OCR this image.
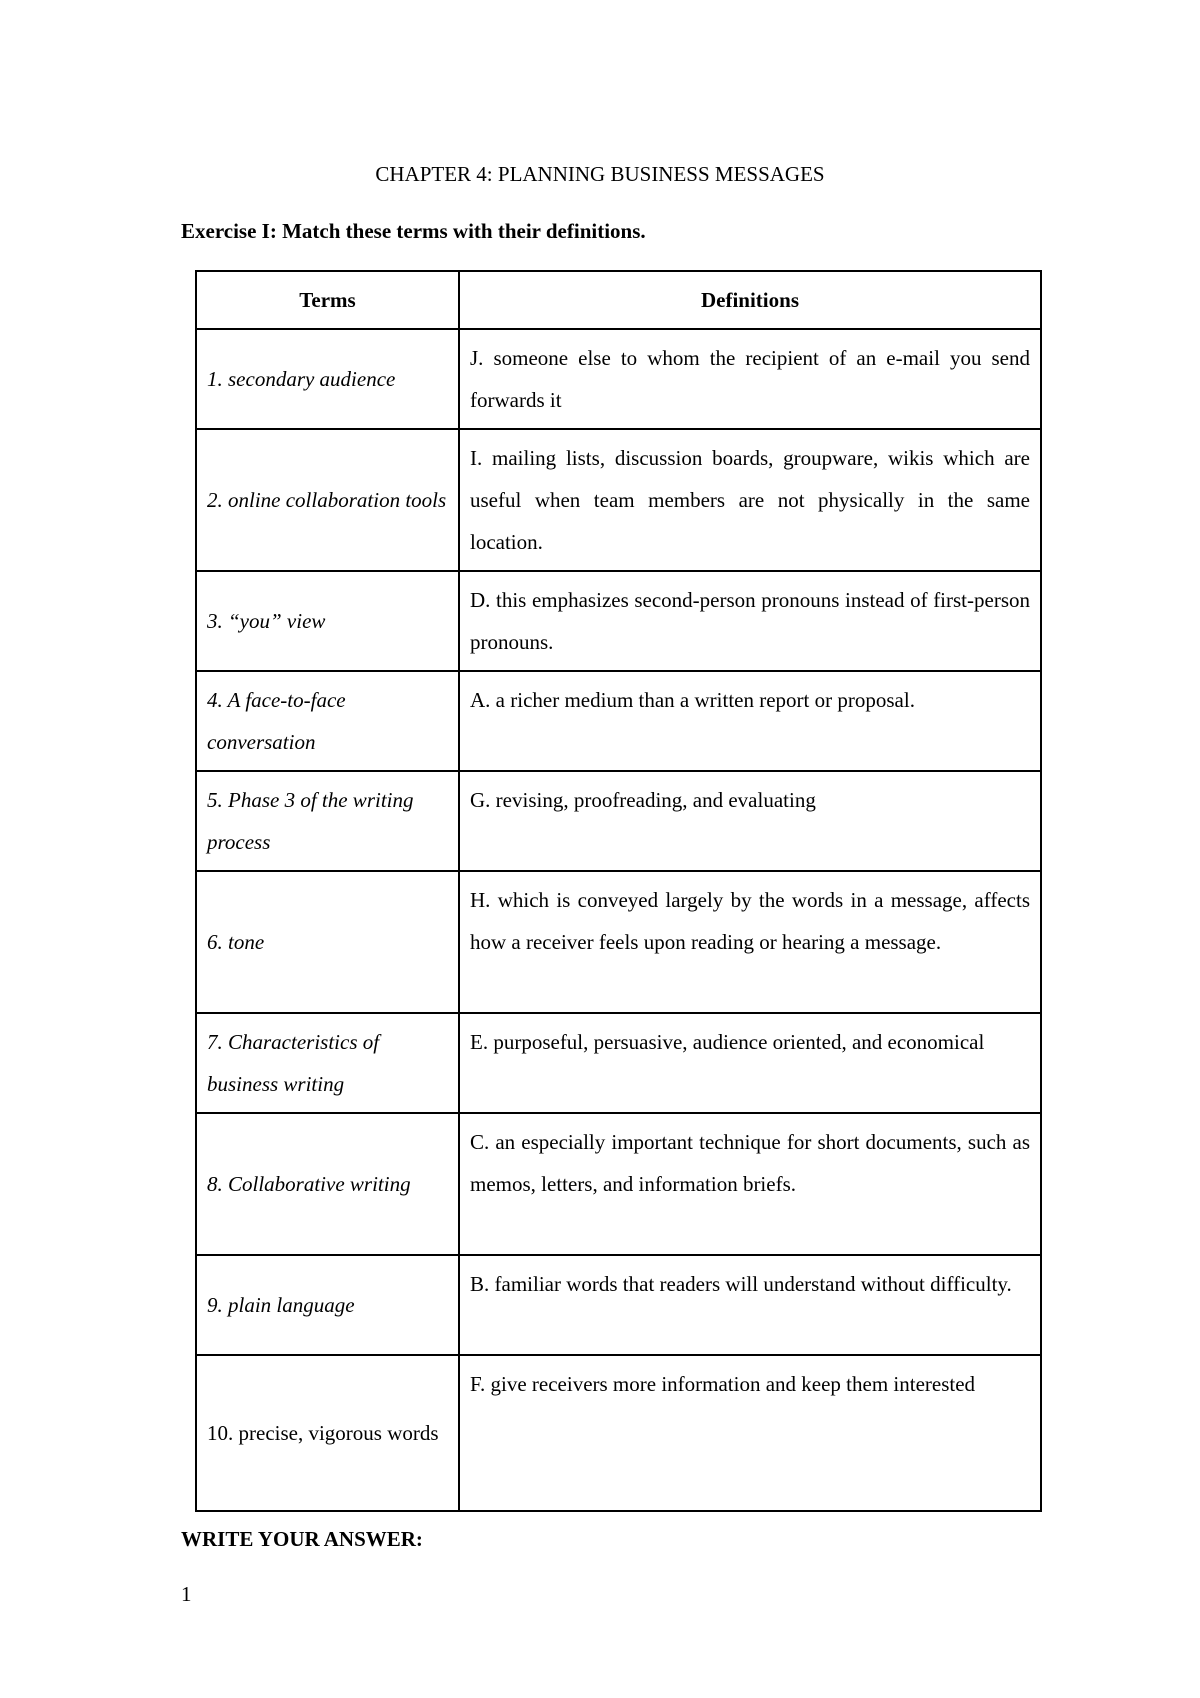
CHAPTER 4: PLANNING BUSINESS MESSAGES
Exercise I: Match these terms with their definitions.
Terms	Definitions
1. secondary audience	J. someone else to whom the recipient of an e-mail you send forwards it
2. online collaboration tools	I. mailing lists, discussion boards, groupware, wikis which are useful when team members are not physically in the same location.
3. “you” view	D. this emphasizes second-person pronouns instead of first-person pronouns.
4. A face-to-face conversation	A. a richer medium than a written report or proposal.
5. Phase 3 of the writing process	G. revising, proofreading, and evaluating
6. tone	H. which is conveyed largely by the words in a message, affects how a receiver feels upon reading or hearing a message.
7. Characteristics of business writing	E. purposeful, persuasive, audience oriented, and economical
8. Collaborative writing	C. an especially important technique for short documents, such as memos, letters, and information briefs.
9. plain language	B. familiar words that readers will understand without difficulty.
10. precise, vigorous words	F. give receivers more information and keep them interested
WRITE YOUR ANSWER:
1
